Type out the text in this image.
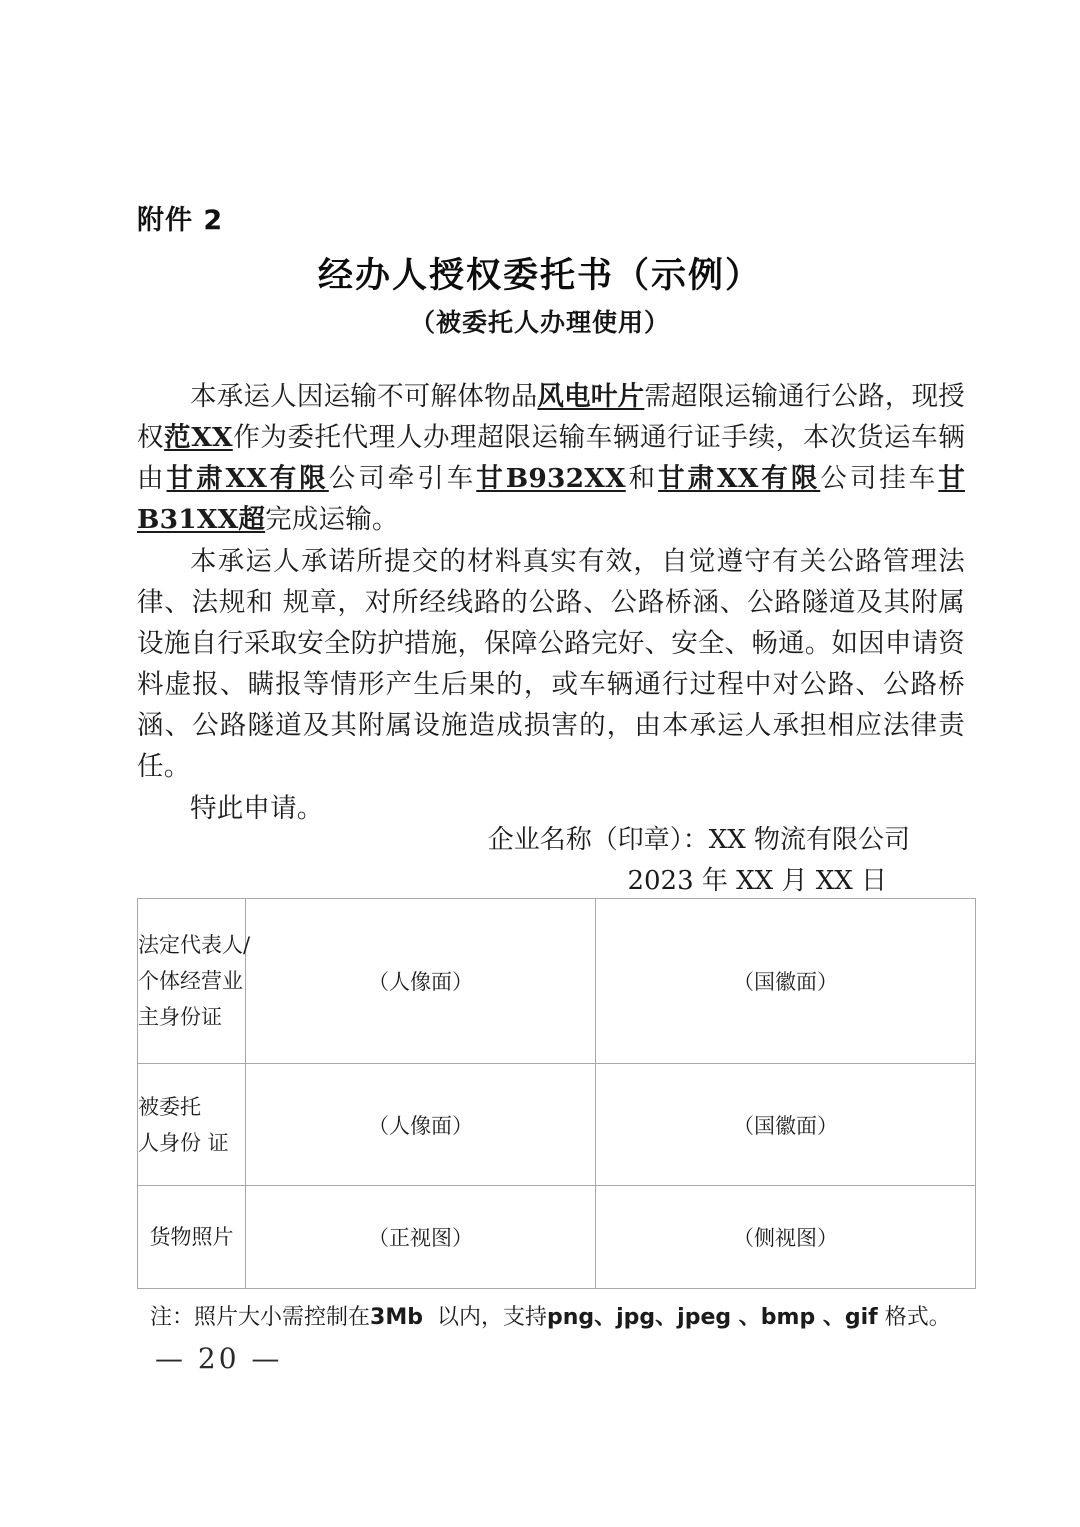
附件 2
经办人授权委托书（示例）
（被委托人办理使用）

本承运人因运输不可解体物品风电叶片需超限运输通行公路，现授权范XX作为委托代理人办理超限运输车辆通行证手续，本次货运车辆由甘肃XX有限公司牵引车甘B932XX和甘肃XX有限公司挂车甘B31XX超完成运输。

本承运人承诺所提交的材料真实有效，自觉遵守有关公路管理法律、法规和 规章，对所经线路的公路、公路桥涵、公路隧道及其附属设施自行采取安全防护措施，保障公路完好、安全、畅通。如因申请资料虚报、瞒报等情形产生后果的，或车辆通行过程中对公路、公路桥涵、公路隧道及其附属设施造成损害的，由本承运人承担相应法律责任。

特此申请。

企业名称（印章）：XX 物流有限公司
2023 年 XX 月 XX 日
法定代表人/
个体经营业
主身份证	（人像面）	（国徽面）

被委托
人身份 证	（人像面）	（国徽面）

货物照片	（正视图）	（侧视图）
注：照片大小需控制在3Mb 以内，支持png、jpg、jpeg 、bmp 、gif 格式。
— 20 —
